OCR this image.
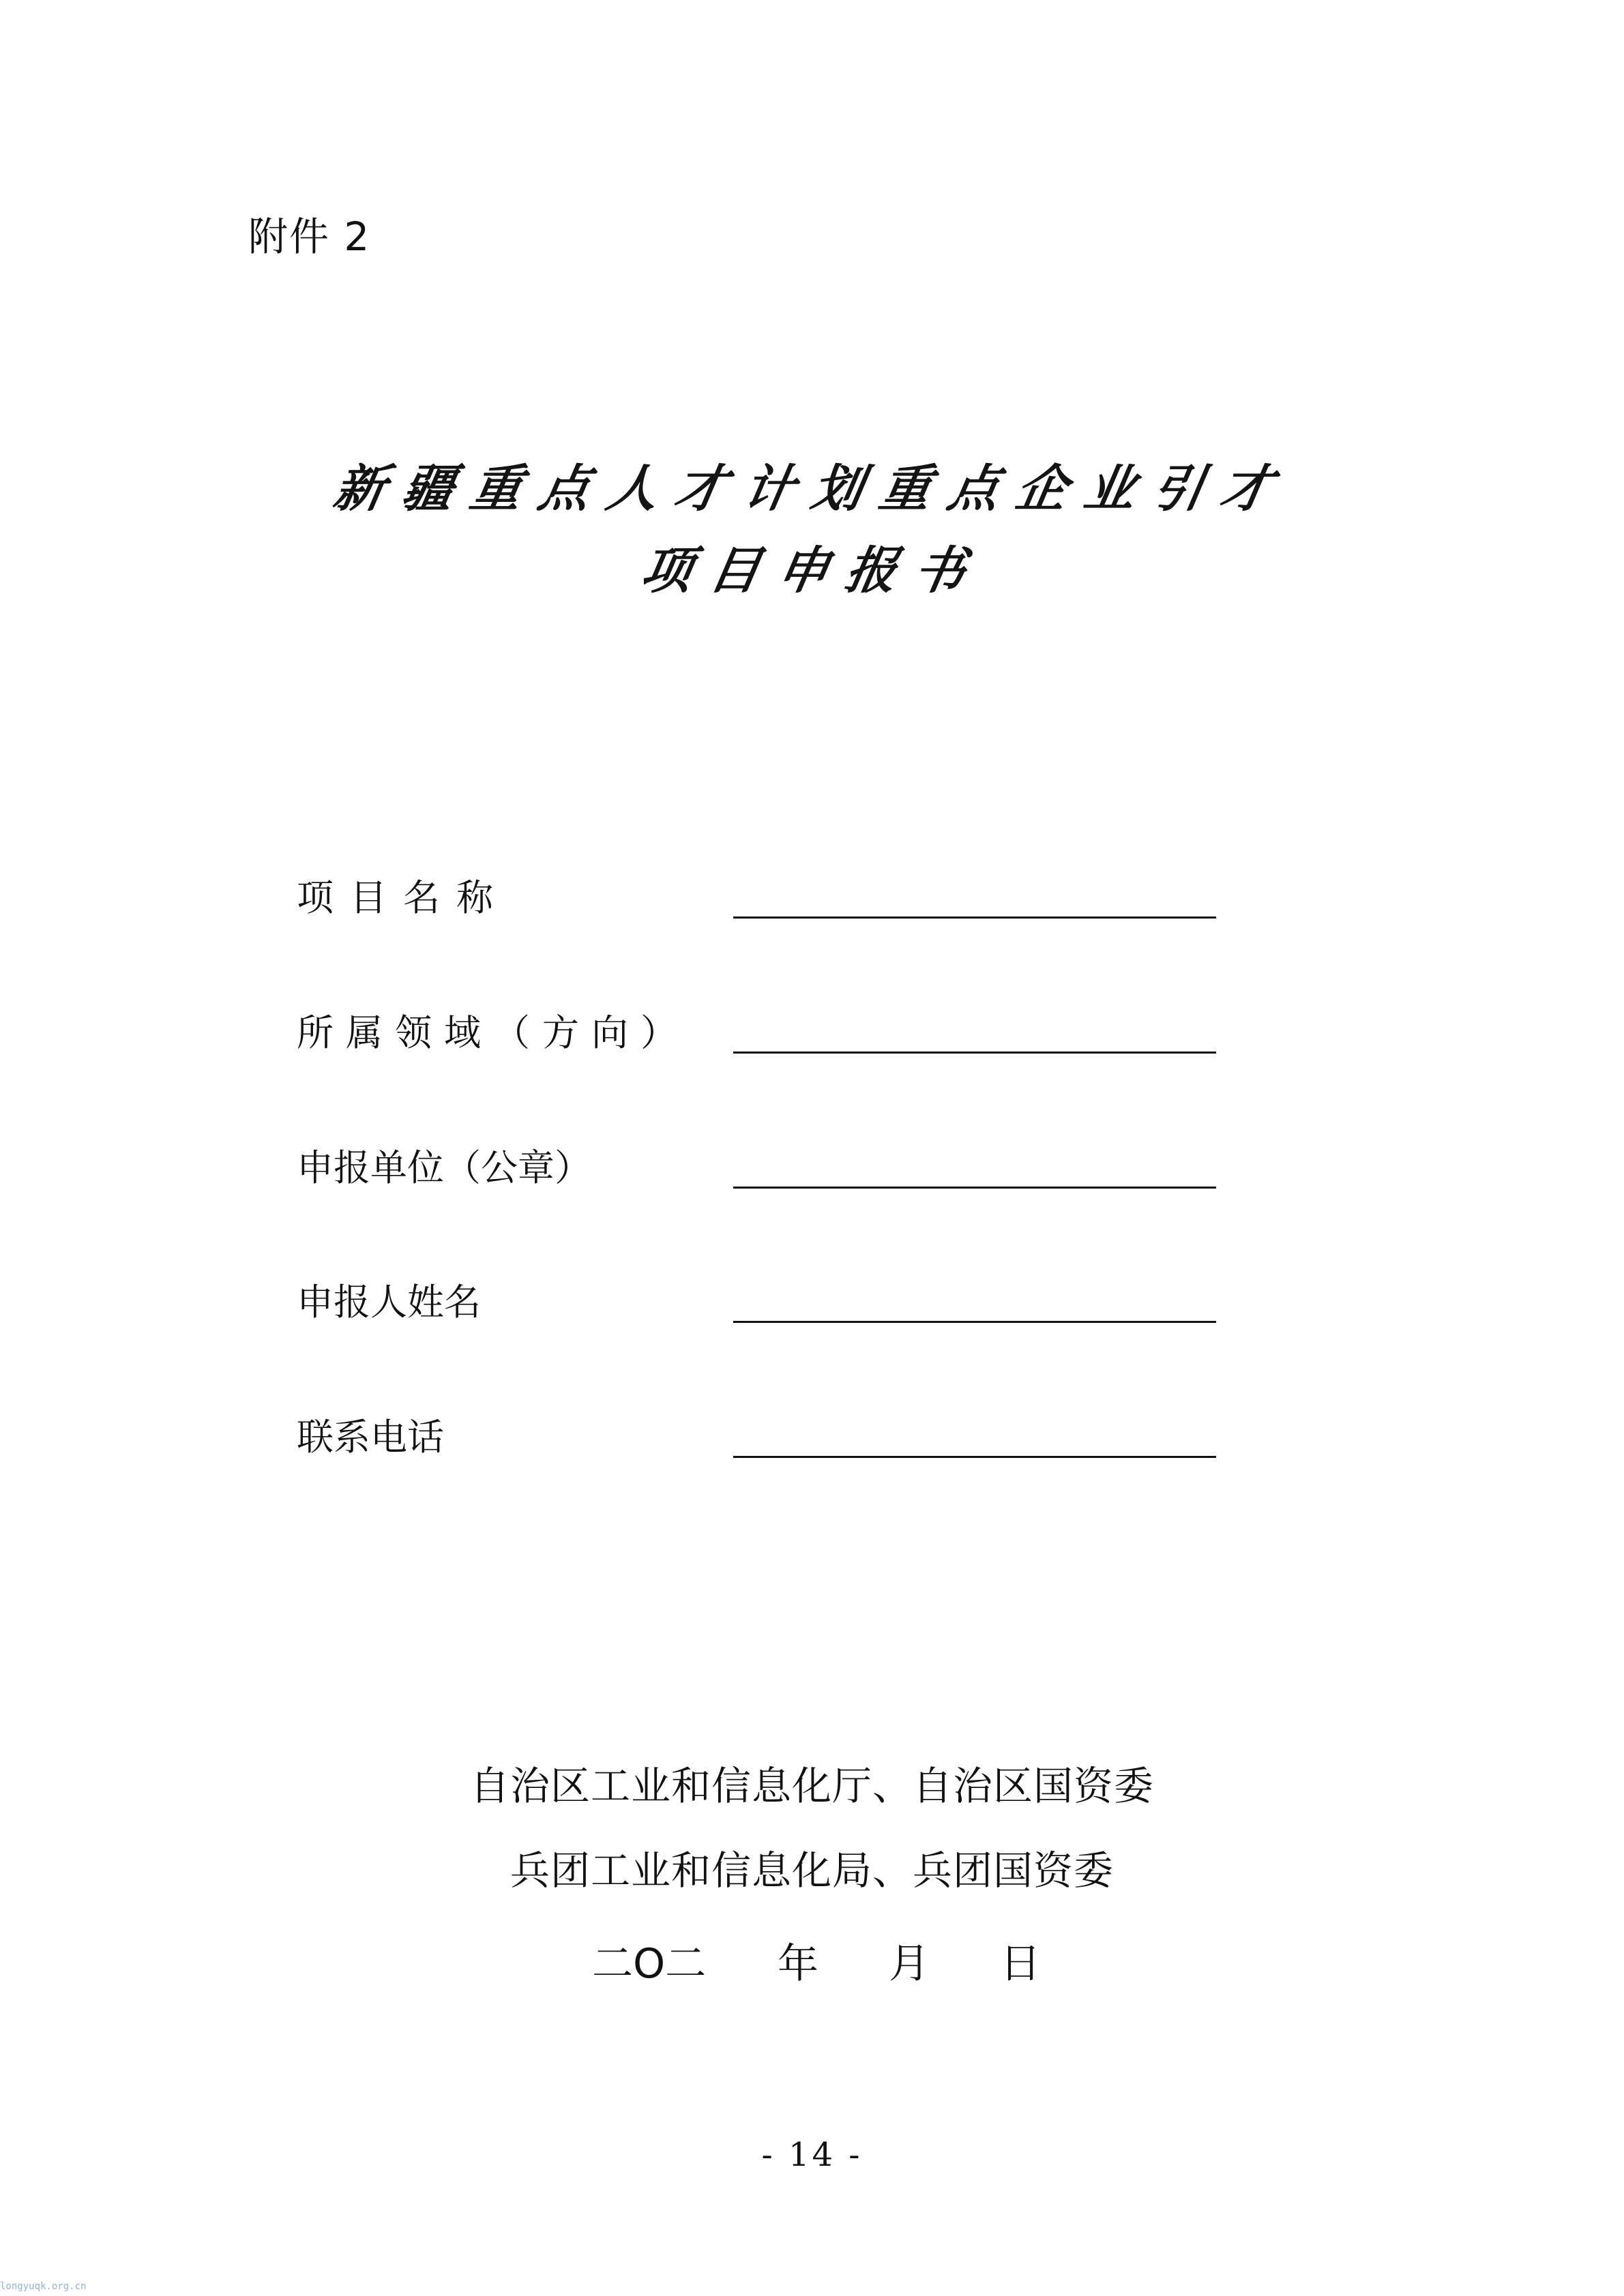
附件 2
新疆重点人才计划重点企业引才
项目申报书
项目名称
所属领域（方向）
申报单位（公章）
申报人姓名
联系电话
自治区工业和信息化厅、自治区国资委
兵团工业和信息化局、兵团国资委
二O二 年 月 日
- 14 -
longyuqk.org.cn
